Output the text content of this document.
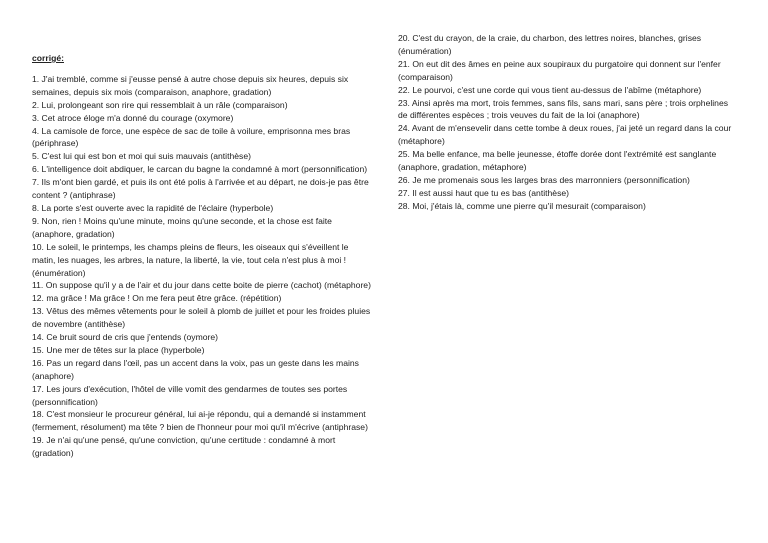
corrigé:

1. J'ai tremblé, comme si j'eusse pensé à autre chose depuis six heures, depuis six semaines, depuis six mois (comparaison, anaphore, gradation)

2. Lui, prolongeant son rire qui ressemblait à un râle (comparaison)

3. Cet atroce éloge m'a donné du courage (oxymore)

4. La camisole de force, une espèce de sac de toile à voilure, emprisonna mes bras (périphrase)

5. C'est lui qui est bon et moi qui suis mauvais (antithèse)

6. L'intelligence doit abdiquer, le carcan du bagne la condamné à mort (personnification)

7. Ils m'ont bien gardé, et puis ils ont été polis à l'arrivée et au départ, ne dois-je pas être content ? (antiphrase)

8. La porte s'est ouverte avec la rapidité de l'éclaire (hyperbole)

9. Non, rien ! Moins qu'une minute, moins qu'une seconde, et la chose est faite (anaphore, gradation)

10. Le soleil, le printemps, les champs pleins de fleurs, les oiseaux qui s'éveillent le matin, les nuages, les arbres, la nature, la liberté, la vie, tout cela n'est plus à moi ! (énumération)

11. On suppose qu'il y a de l'air et du jour dans cette boite de pierre (cachot) (métaphore)

12. ma grâce ! Ma grâce ! On me fera peut être grâce. (répétition)

13. Vêtus des mêmes vêtements pour le soleil à plomb de juillet et pour les froides pluies de novembre (antithèse)

14. Ce bruit sourd de cris que j'entends (oymore)

15. Une mer de têtes sur la place (hyperbole)

16. Pas un regard dans l'œil, pas un accent dans la voix, pas un geste dans les mains (anaphore)

17. Les jours d'exécution, l'hôtel de ville vomit des gendarmes de toutes ses portes (personnification)

18. C'est monsieur le procureur général, lui ai-je répondu, qui a demandé si instamment (fermement, résolument) ma tête ? bien de l'honneur pour moi qu'il m'écrive (antiphrase)

19. Je n'ai qu'une pensé, qu'une conviction, qu'une certitude : condamné à mort (gradation)

20. C'est du crayon, de la craie, du charbon, des lettres noires, blanches, grises (énumération)

21. On eut dit des âmes en peine aux soupiraux du purgatoire qui donnent sur l'enfer (comparaison)

22. Le pourvoi, c'est une corde qui vous tient au-dessus de l'abîme (métaphore)

23. Ainsi après ma mort, trois femmes, sans fils, sans mari, sans père ; trois orphelines de différentes espèces ; trois veuves du fait de la loi (anaphore)

24. Avant de m'ensevelir dans cette tombe à deux roues, j'ai jeté un regard dans la cour (métaphore)

25. Ma belle enfance, ma belle jeunesse, étoffe dorée dont l'extrémité est sanglante (anaphore, gradation, métaphore)

26. Je me promenais sous les larges bras des marronniers (personnification)

27. Il est aussi haut que tu es bas (antithèse)

28. Moi, j'étais là, comme une pierre qu'il mesurait (comparaison)
